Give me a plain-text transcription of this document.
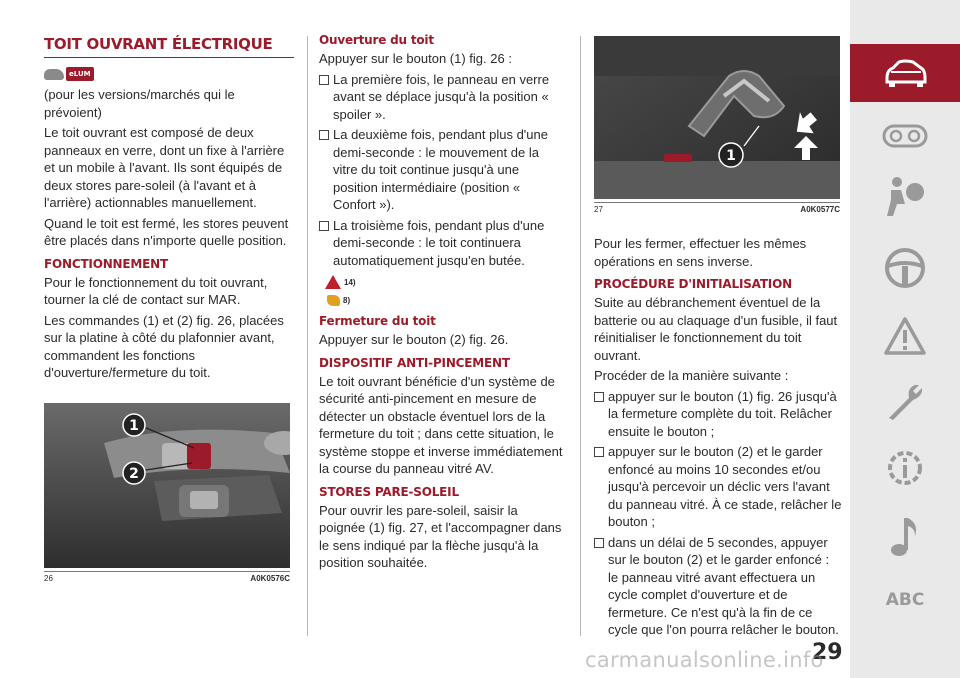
TOIT OUVRANT ÉLECTRIQUE
eLUM

(pour les versions/marchés qui le prévoient)

Le toit ouvrant est composé de deux panneaux en verre, dont un fixe à l'arrière et un mobile à l'avant. Ils sont équipés de deux stores pare-soleil (à l'avant et à l'arrière) actionnables manuellement.

Quand le toit est fermé, les stores peuvent être placés dans n'importe quelle position.

FONCTIONNEMENT

Pour le fonctionnement du toit ouvrant, tourner la clé de contact sur MAR.

Les commandes (1) et (2) fig. 26, placées sur la platine à côté du plafonnier avant, commandent les fonctions d'ouverture/fermeture du toit.

1
2
26	A0K0576C
Ouverture du toit

Appuyer sur le bouton (1) fig. 26 :

La première fois, le panneau en verre avant se déplace jusqu'à la position « spoiler ».

La deuxième fois, pendant plus d'une demi-seconde : le mouvement de la vitre du toit continue jusqu'à une position intermédiaire (position « Confort »).

La troisième fois, pendant plus d'une demi-seconde : le toit continuera automatiquement jusqu'en butée.

14)
8)
Fermeture du toit

Appuyer sur le bouton (2) fig. 26.

DISPOSITIF ANTI-PINCEMENT

Le toit ouvrant bénéficie d'un système de sécurité anti-pincement en mesure de détecter un obstacle éventuel lors de la fermeture du toit ; dans cette situation, le système stoppe et inverse immédiatement la course du panneau vitré AV.

STORES PARE-SOLEIL

Pour ouvrir les pare-soleil, saisir la poignée (1) fig. 27, et l'accompagner dans le sens indiqué par la flèche jusqu'à la position souhaitée.

1
27	A0K0577C

Pour les fermer, effectuer les mêmes opérations en sens inverse.

PROCÉDURE D'INITIALISATION

Suite au débranchement éventuel de la batterie ou au claquage d'un fusible, il faut réinitialiser le fonctionnement du toit ouvrant.

Procéder de la manière suivante :

appuyer sur le bouton (1) fig. 26 jusqu'à la fermeture complète du toit. Relâcher ensuite le bouton ;

appuyer sur le bouton (2) et le garder enfoncé au moins 10 secondes et/ou jusqu'à percevoir un déclic vers l'avant du panneau vitré. À ce stade, relâcher le bouton ;

dans un délai de 5 secondes, appuyer sur le bouton (2) et le garder enfoncé : le panneau vitré avant effectuera un cycle complet d'ouverture et de fermeture. Ce n'est qu'à la fin de ce cycle que l'on pourra relâcher le bouton.

ABC
29
carmanualsonline.info
